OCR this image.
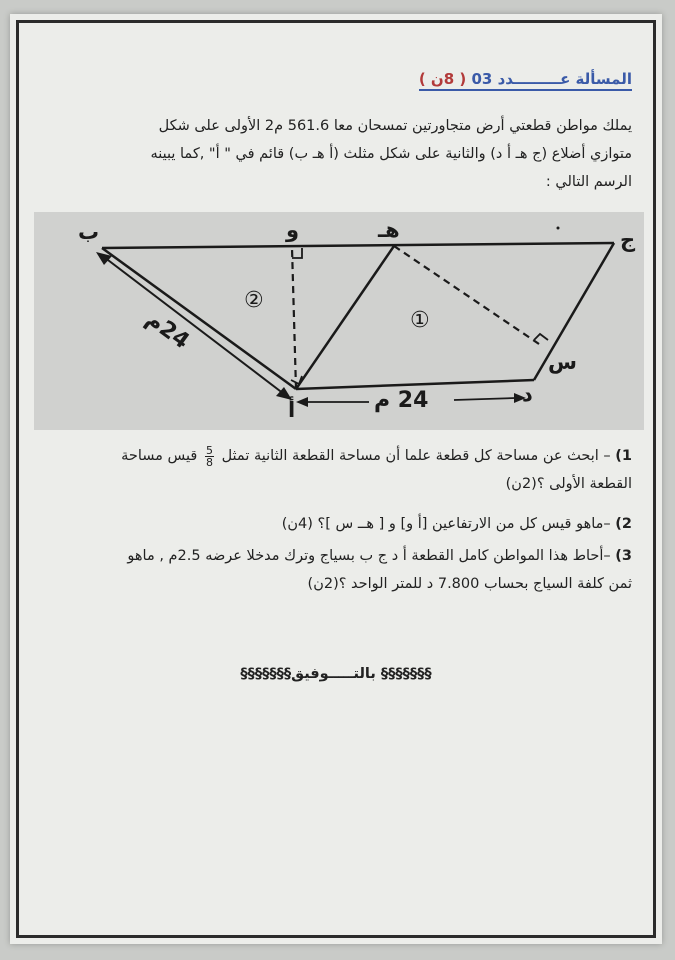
المسألة عـــــــــدد 03 ( 8ن )
يملك مواطن قطعتي أرض متجاورتين تمسحان معا 561.6 م2 الأولى على شكل
متوازي أضلاع (ج هـ أ د) والثانية على شكل مثلث (أ هـ ب) قائم في " أ" ,كما يبينه
الرسم التالي :
ب	و	هـ	ج
أ
د
س
①
②
24م
24 م
1) – ابحث عن مساحة كل قطعة علما أن مساحة القطعة الثانية تمثل
$\frac{5}{8}$
قيس مساحة
القطعة الأولى ؟(2ن)
2) –ماهو قيس كل من الارتفاعين [أ و] و [ هــ س ]؟ (4ن)
3) –أحاط هذا المواطن كامل القطعة أ د ج ب بسياج وترك مدخلا عرضه 2.5م , ماهو
ثمن كلفة السياج بحساب 7.800 د للمتر الواحد ؟(2ن)
§§§§§§§ بالتـــــوفيق§§§§§§§
